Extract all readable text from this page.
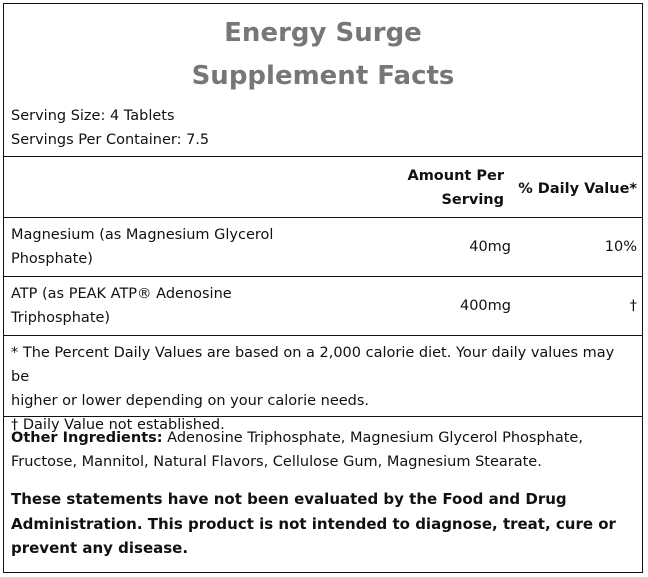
Energy Surge
Supplement Facts
Serving Size: 4 Tablets
Servings Per Container: 7.5
Amount Per
Serving
% Daily Value*
Magnesium (as Magnesium Glycerol
Phosphate)
40mg	10%
ATP (as PEAK ATP® Adenosine
Triphosphate)
400mg	†
* The Percent Daily Values are based on a 2,000 calorie diet. Your daily values may be
higher or lower depending on your calorie needs.
† Daily Value not established.
Other Ingredients: Adenosine Triphosphate, Magnesium Glycerol Phosphate,
Fructose, Mannitol, Natural Flavors, Cellulose Gum, Magnesium Stearate.
These statements have not been evaluated by the Food and Drug
Administration. This product is not intended to diagnose, treat, cure or
prevent any disease.
